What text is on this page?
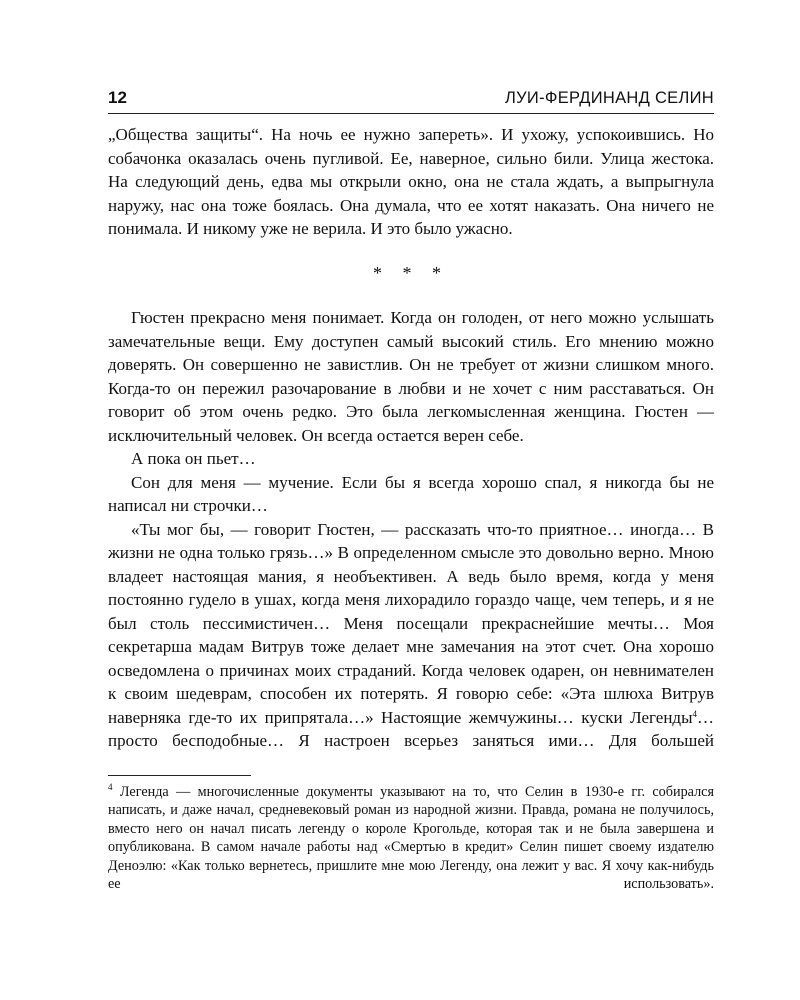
12	ЛУИ-ФЕРДИНАНД СЕЛИН

„Общества защиты“. На ночь ее нужно запереть». И ухожу, успокоившись. Но собачонка оказалась очень пугливой. Ее, наверное, сильно били. Улица жестока. На следующий день, едва мы открыли окно, она не стала ждать, а выпрыгнула наружу, нас она тоже боялась. Она думала, что ее хотят наказать. Она ничего не понимала. И никому уже не верила. И это было ужасно.

* * *

Гюстен прекрасно меня понимает. Когда он голоден, от него можно услышать замечательные вещи. Ему доступен самый высокий стиль. Его мнению можно доверять. Он совершенно не завистлив. Он не требует от жизни слишком много. Когда-то он пережил разочарование в любви и не хочет с ним расставаться. Он говорит об этом очень редко. Это была легкомысленная женщина. Гюстен — исключительный человек. Он всегда остается верен себе.

А пока он пьет…

Сон для меня — мучение. Если бы я всегда хорошо спал, я никогда бы не написал ни строчки…

«Ты мог бы, — говорит Гюстен, — рассказать что-то приятное… иногда… В жизни не одна только грязь…» В определенном смысле это довольно верно. Мною владеет настоящая мания, я необъективен. А ведь было время, когда у меня постоянно гудело в ушах, когда меня лихорадило гораздо чаще, чем теперь, и я не был столь пессимистичен… Меня посещали прекраснейшие мечты… Моя секретарша мадам Витрув тоже делает мне замечания на этот счет. Она хорошо осведомлена о причинах моих страданий. Когда человек одарен, он невнимателен к своим шедеврам, способен их потерять. Я говорю себе: «Эта шлюха Витрув наверняка где-то их припрятала…» Настоящие жемчужины… куски Легенды$^4$… просто бесподобные… Я настроен всерьез заняться ими… Для большей

$^4$ Легенда — многочисленные документы указывают на то, что Селин в 1930-е гг. собирался написать, и даже начал, средневековый роман из народной жизни. Правда, романа не получилось, вместо него он начал писать легенду о короле Крогольде, которая так и не была завершена и опубликована. В самом начале работы над «Смертью в кредит» Селин пишет своему издателю Деноэлю: «Как только вернетесь, пришлите мне мою Легенду, она лежит у вас. Я хочу как-нибудь ее использовать».
